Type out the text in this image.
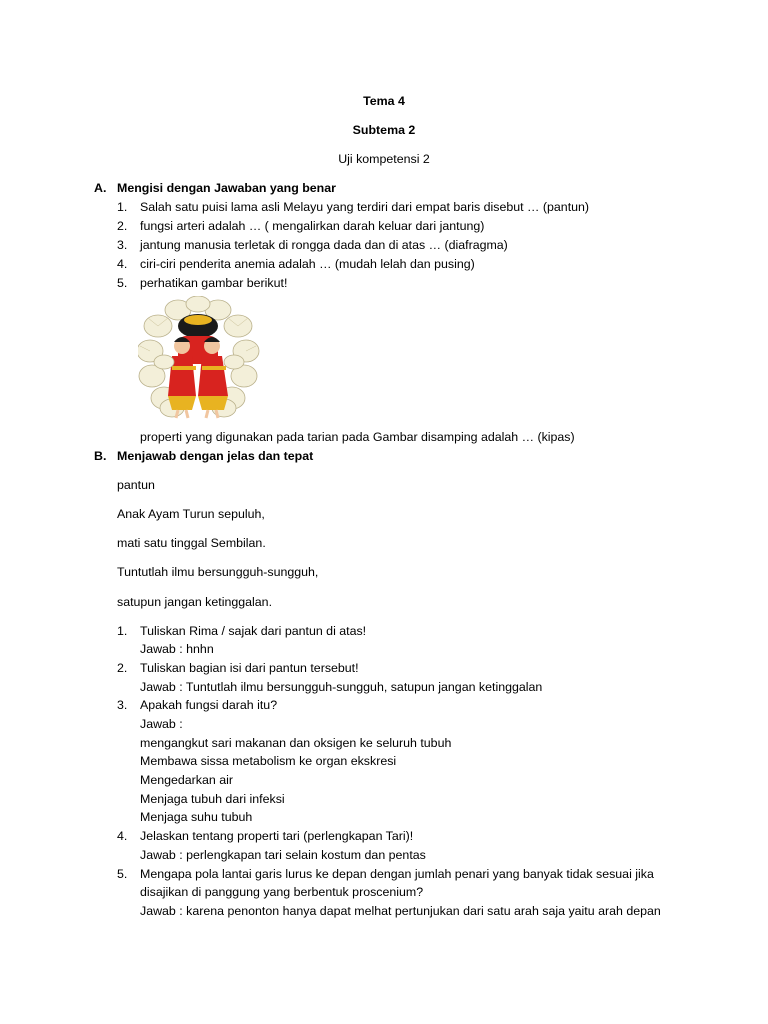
Tema 4
Subtema 2
Uji kompetensi 2
A. Mengisi dengan Jawaban yang benar
1. Salah satu puisi lama asli Melayu yang terdiri dari empat baris disebut … (pantun)
2. fungsi arteri adalah … ( mengalirkan darah keluar dari jantung)
3. jantung manusia terletak di rongga dada dan di atas … (diafragma)
4. ciri-ciri penderita anemia adalah … (mudah lelah dan pusing)
5. perhatikan gambar berikut!
properti yang digunakan pada tarian pada Gambar disamping adalah … (kipas)
B. Menjawab dengan jelas dan tepat
pantun
Anak Ayam Turun sepuluh,
mati satu tinggal Sembilan.
Tuntutlah ilmu bersungguh-sungguh,
satupun jangan ketinggalan.
1. Tuliskan Rima / sajak dari pantun di atas!
Jawab : hnhn
2. Tuliskan bagian isi dari pantun tersebut!
Jawab : Tuntutlah ilmu bersungguh-sungguh, satupun jangan ketinggalan
3. Apakah fungsi darah itu?
Jawab :
mengangkut sari makanan dan oksigen ke seluruh tubuh
Membawa sissa metabolism ke organ ekskresi
Mengedarkan air
Menjaga tubuh dari infeksi
Menjaga suhu tubuh
4. Jelaskan tentang properti tari (perlengkapan Tari)!
Jawab : perlengkapan tari selain kostum dan pentas
5. Mengapa pola lantai garis lurus ke depan dengan jumlah penari yang banyak tidak sesuai jika
disajikan di panggung yang berbentuk proscenium?
Jawab : karena penonton hanya dapat melhat pertunjukan dari satu arah saja yaitu arah depan
